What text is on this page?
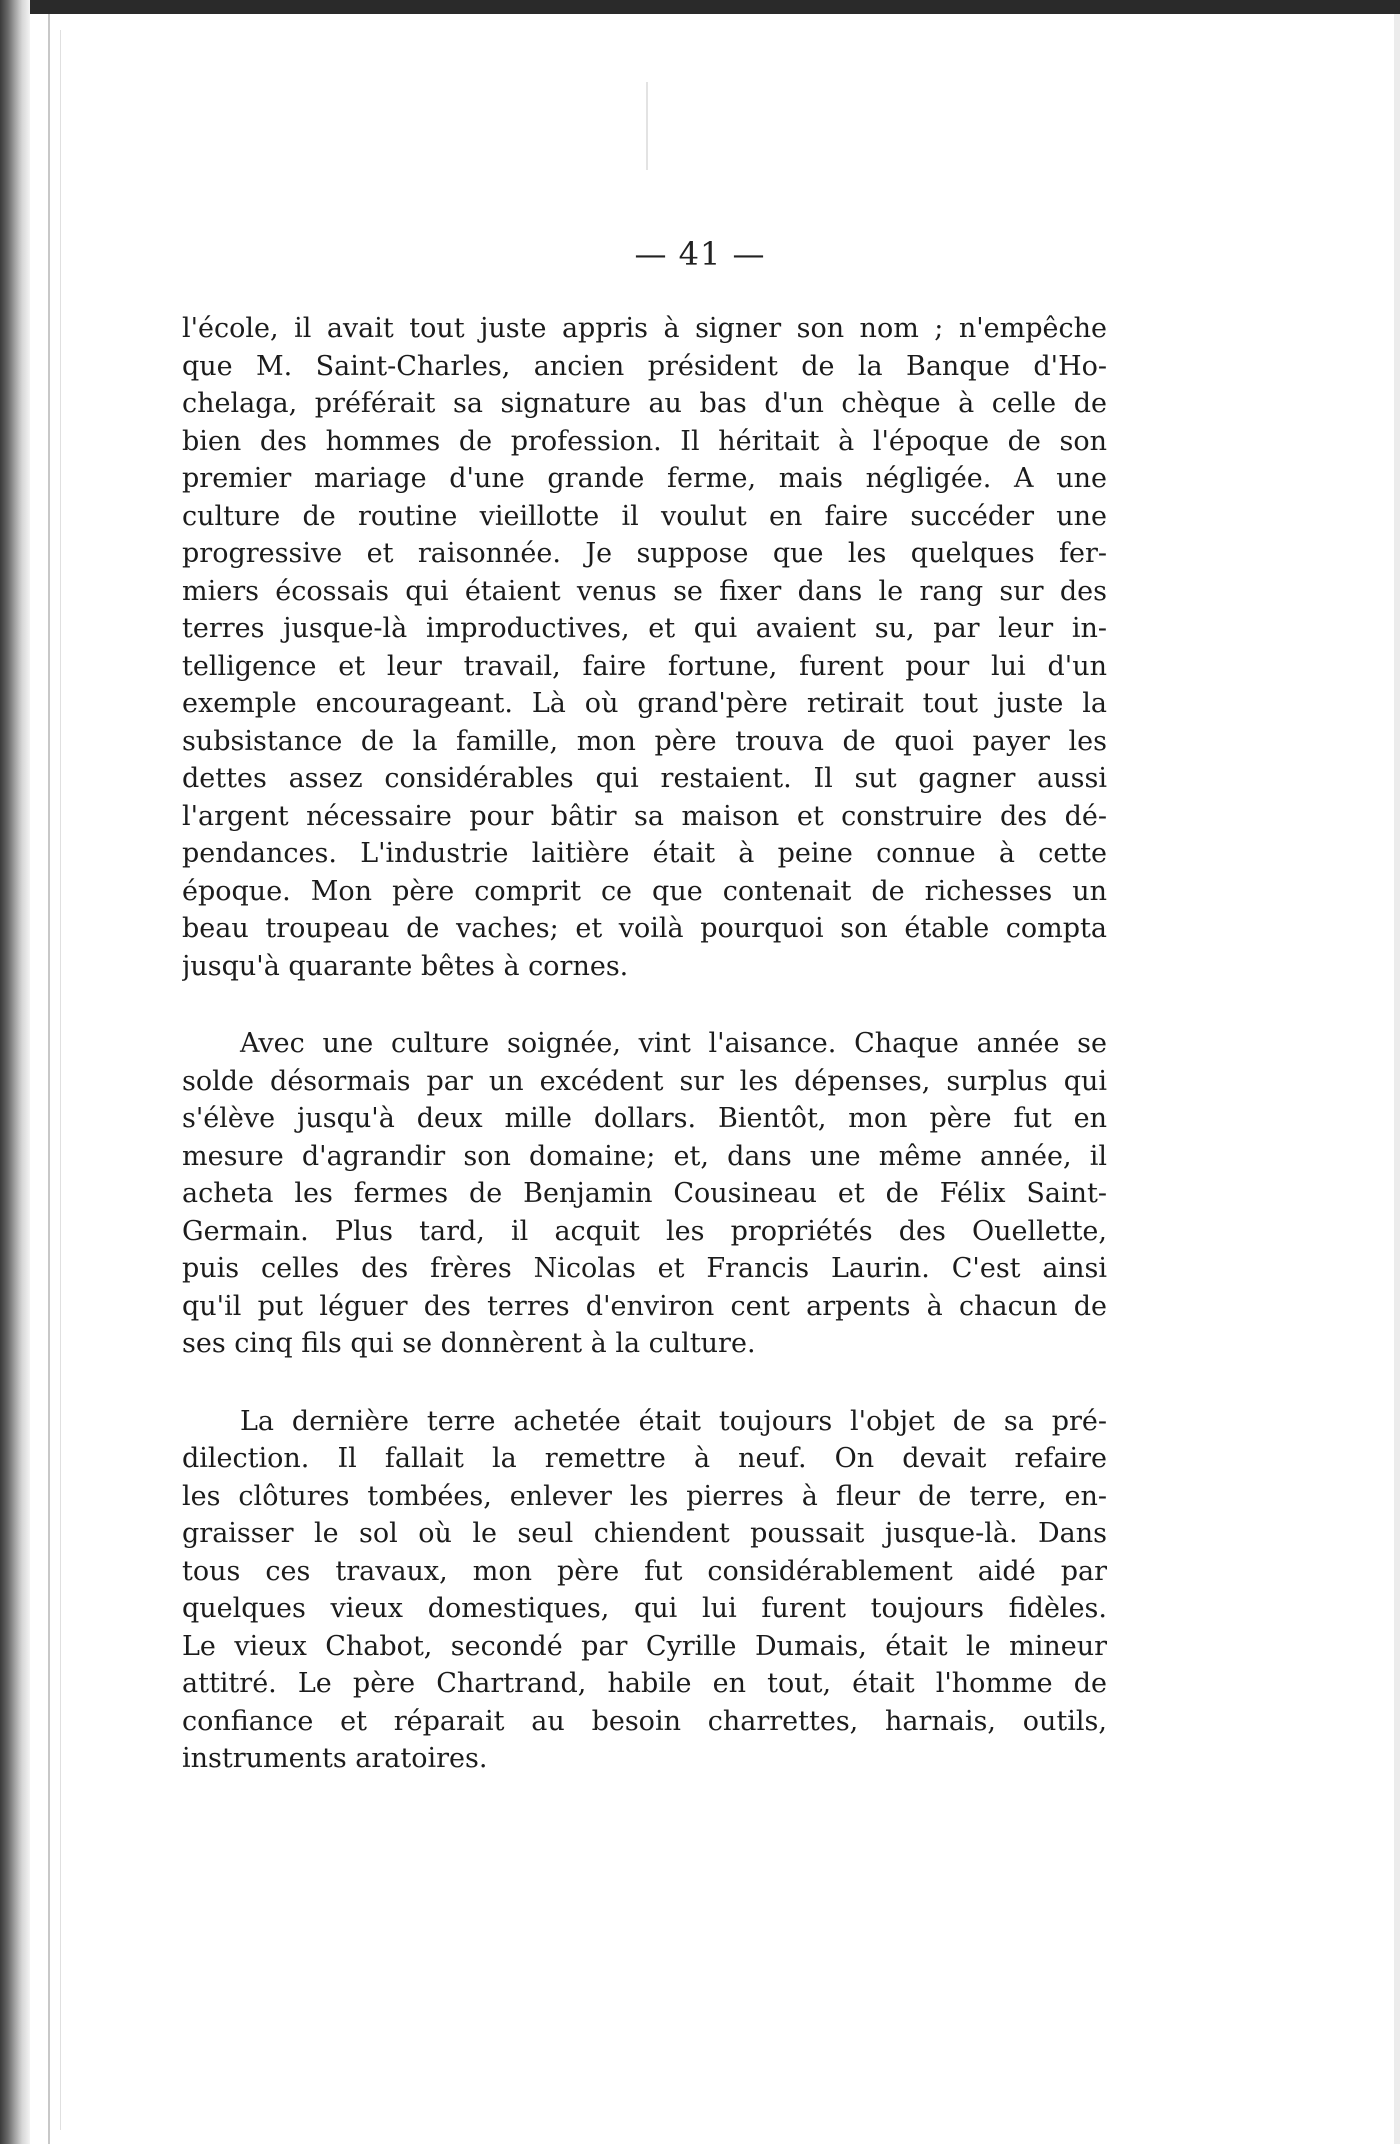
— 41 —
l'école, il avait tout juste appris à signer son nom ; n'empêche
que M. Saint-Charles, ancien président de la Banque d'Ho-
chelaga, préférait sa signature au bas d'un chèque à celle de
bien des hommes de profession. Il héritait à l'époque de son
premier mariage d'une grande ferme, mais négligée. A une
culture de routine vieillotte il voulut en faire succéder une
progressive et raisonnée. Je suppose que les quelques fer-
miers écossais qui étaient venus se fixer dans le rang sur des
terres jusque-là improductives, et qui avaient su, par leur in-
telligence et leur travail, faire fortune, furent pour lui d'un
exemple encourageant. Là où grand'père retirait tout juste la
subsistance de la famille, mon père trouva de quoi payer les
dettes assez considérables qui restaient. Il sut gagner aussi
l'argent nécessaire pour bâtir sa maison et construire des dé-
pendances. L'industrie laitière était à peine connue à cette
époque. Mon père comprit ce que contenait de richesses un
beau troupeau de vaches; et voilà pourquoi son étable compta
jusqu'à quarante bêtes à cornes.
Avec une culture soignée, vint l'aisance. Chaque année se
solde désormais par un excédent sur les dépenses, surplus qui
s'élève jusqu'à deux mille dollars. Bientôt, mon père fut en
mesure d'agrandir son domaine; et, dans une même année, il
acheta les fermes de Benjamin Cousineau et de Félix Saint-
Germain. Plus tard, il acquit les propriétés des Ouellette,
puis celles des frères Nicolas et Francis Laurin. C'est ainsi
qu'il put léguer des terres d'environ cent arpents à chacun de
ses cinq fils qui se donnèrent à la culture.
La dernière terre achetée était toujours l'objet de sa pré-
dilection. Il fallait la remettre à neuf. On devait refaire
les clôtures tombées, enlever les pierres à fleur de terre, en-
graisser le sol où le seul chiendent poussait jusque-là. Dans
tous ces travaux, mon père fut considérablement aidé par
quelques vieux domestiques, qui lui furent toujours fidèles.
Le vieux Chabot, secondé par Cyrille Dumais, était le mineur
attitré. Le père Chartrand, habile en tout, était l'homme de
confiance et réparait au besoin charrettes, harnais, outils,
instruments aratoires.
